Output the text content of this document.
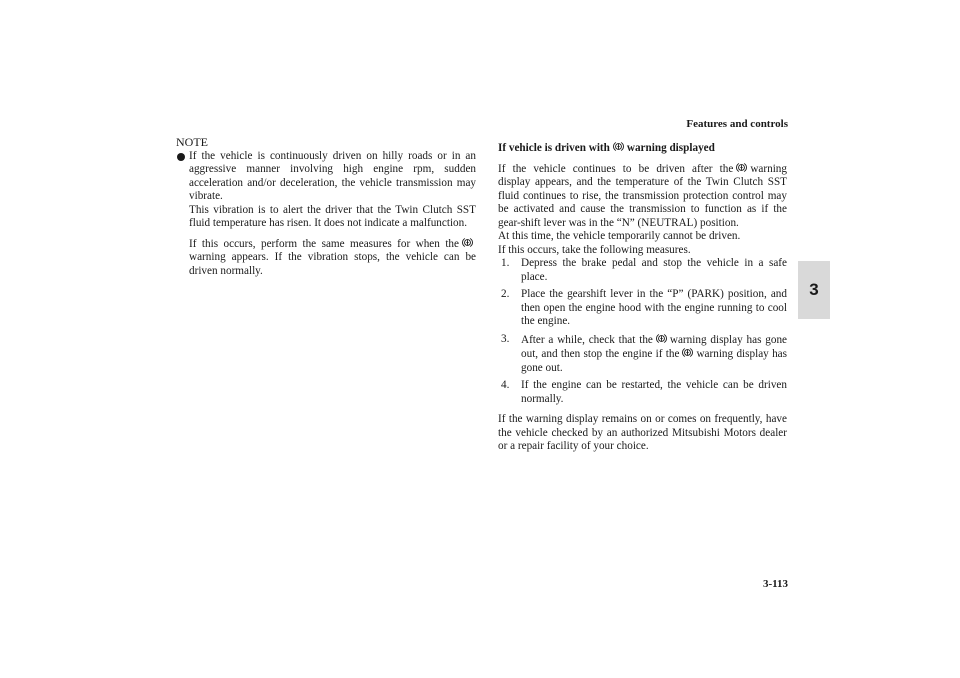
Features and controls
3
NOTE

If the vehicle is continuously driven on hilly roads or in an aggressive manner involving high engine rpm, sudden acceleration and/or deceleration, the vehicle transmission may vibrate.

This vibration is to alert the driver that the Twin Clutch SST fluid temperature has risen. It does not indicate a malfunction.

If this occurs, perform the same measures for when thewarning appears. If the vibration stops, the vehicle can be driven normally.

If vehicle is driven with warning displayed

If the vehicle continues to be driven after the warning display appears, and the temperature of the Twin Clutch SST fluid continues to rise, the transmission protection control may be activated and cause the transmission to function as if the gear-shift lever was in the “N” (NEUTRAL) position.

At this time, the vehicle temporarily cannot be driven.

If this occurs, take the following measures.

1. Depress the brake pedal and stop the vehicle in a safe place.
2. Place the gearshift lever in the “P” (PARK) position, and then open the engine hood with the engine running to cool the engine.
3. After a while, check that the warning display has gone out, and then stop the engine if the warning display has gone out.
4. If the engine can be restarted, the vehicle can be driven normally.

If the warning display remains on or comes on frequently, have the vehicle checked by an authorized Mitsubishi Motors dealer or a repair facility of your choice.

3-113
